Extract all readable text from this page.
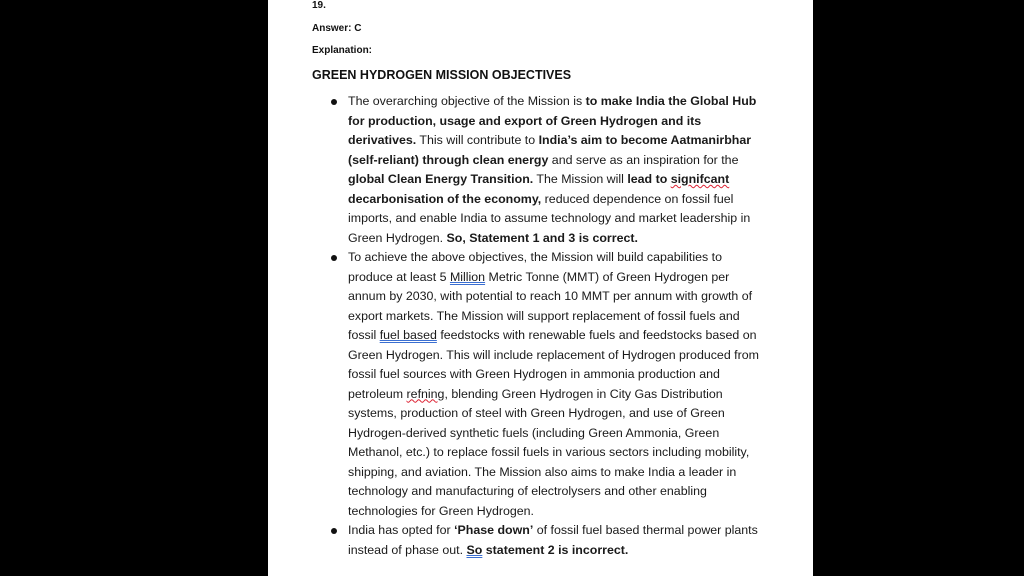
19.
Answer: C
Explanation:
GREEN HYDROGEN MISSION OBJECTIVES
The overarching objective of the Mission is to make India the Global Hub for production, usage and export of Green Hydrogen and its derivatives. This will contribute to India’s aim to become Aatmanirbhar (self-reliant) through clean energy and serve as an inspiration for the global Clean Energy Transition. The Mission will lead to signifcant decarbonisation of the economy, reduced dependence on fossil fuel imports, and enable India to assume technology and market leadership in Green Hydrogen. So, Statement 1 and 3 is correct.
To achieve the above objectives, the Mission will build capabilities to produce at least 5 Million Metric Tonne (MMT) of Green Hydrogen per annum by 2030, with potential to reach 10 MMT per annum with growth of export markets. The Mission will support replacement of fossil fuels and fossil fuel based feedstocks with renewable fuels and feedstocks based on Green Hydrogen. This will include replacement of Hydrogen produced from fossil fuel sources with Green Hydrogen in ammonia production and petroleum refning, blending Green Hydrogen in City Gas Distribution systems, production of steel with Green Hydrogen, and use of Green Hydrogen-derived synthetic fuels (including Green Ammonia, Green Methanol, etc.) to replace fossil fuels in various sectors including mobility, shipping, and aviation. The Mission also aims to make India a leader in technology and manufacturing of electrolysers and other enabling technologies for Green Hydrogen.
India has opted for ‘Phase down’ of fossil fuel based thermal power plants instead of phase out. So statement 2 is incorrect.
